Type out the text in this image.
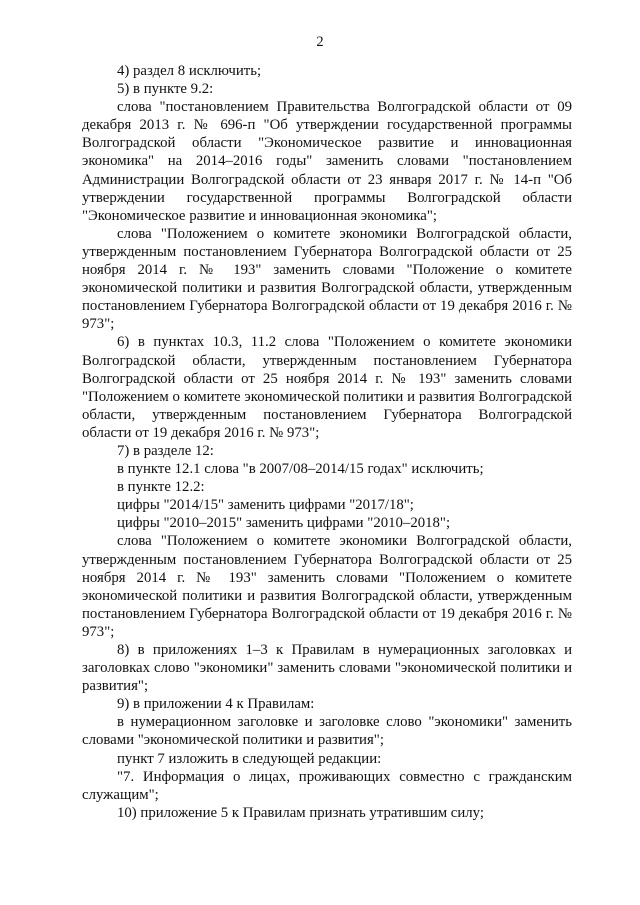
2

4) раздел 8 исключить;

5) в пункте 9.2:

слова "постановлением Правительства Волгоградской области от 09 декабря 2013 г. № 696-п "Об утверждении государственной программы Волгоградской области "Экономическое развитие и инновационная экономика" на 2014–2016 годы" заменить словами "постановлением Администрации Волгоградской области от 23 января 2017 г. № 14-п "Об утверждении государственной программы Волгоградской области "Экономическое развитие и инновационная экономика";

слова "Положением о комитете экономики Волгоградской области, утвержденным постановлением Губернатора Волгоградской области от 25 ноября 2014 г. № 193" заменить словами "Положение о комитете экономической политики и развития Волгоградской области, утвержденным постановлением Губернатора Волгоградской области от 19 декабря 2016 г. № 973";

6) в пунктах 10.3, 11.2 слова "Положением о комитете экономики Волгоградской области, утвержденным постановлением Губернатора Волгоградской области от 25 ноября 2014 г. № 193" заменить словами "Положением о комитете экономической политики и развития Волгоградской области, утвержденным постановлением Губернатора Волгоградской области от 19 декабря 2016 г. № 973";

7) в разделе 12:

в пункте 12.1 слова "в 2007/08–2014/15 годах" исключить;

в пункте 12.2:

цифры "2014/15" заменить цифрами "2017/18";

цифры "2010–2015" заменить цифрами "2010–2018";

слова "Положением о комитете экономики Волгоградской области, утвержденным постановлением Губернатора Волгоградской области от 25 ноября 2014 г. № 193" заменить словами "Положением о комитете экономической политики и развития Волгоградской области, утвержденным постановлением Губернатора Волгоградской области от 19 декабря 2016 г. № 973";

8) в приложениях 1–3 к Правилам в нумерационных заголовках и заголовках слово "экономики" заменить словами "экономической политики и развития";

9) в приложении 4 к Правилам:

в нумерационном заголовке и заголовке слово "экономики" заменить словами "экономической политики и развития";

пункт 7 изложить в следующей редакции:

"7. Информация о лицах, проживающих совместно с гражданским служащим";

10) приложение 5 к Правилам признать утратившим силу;
